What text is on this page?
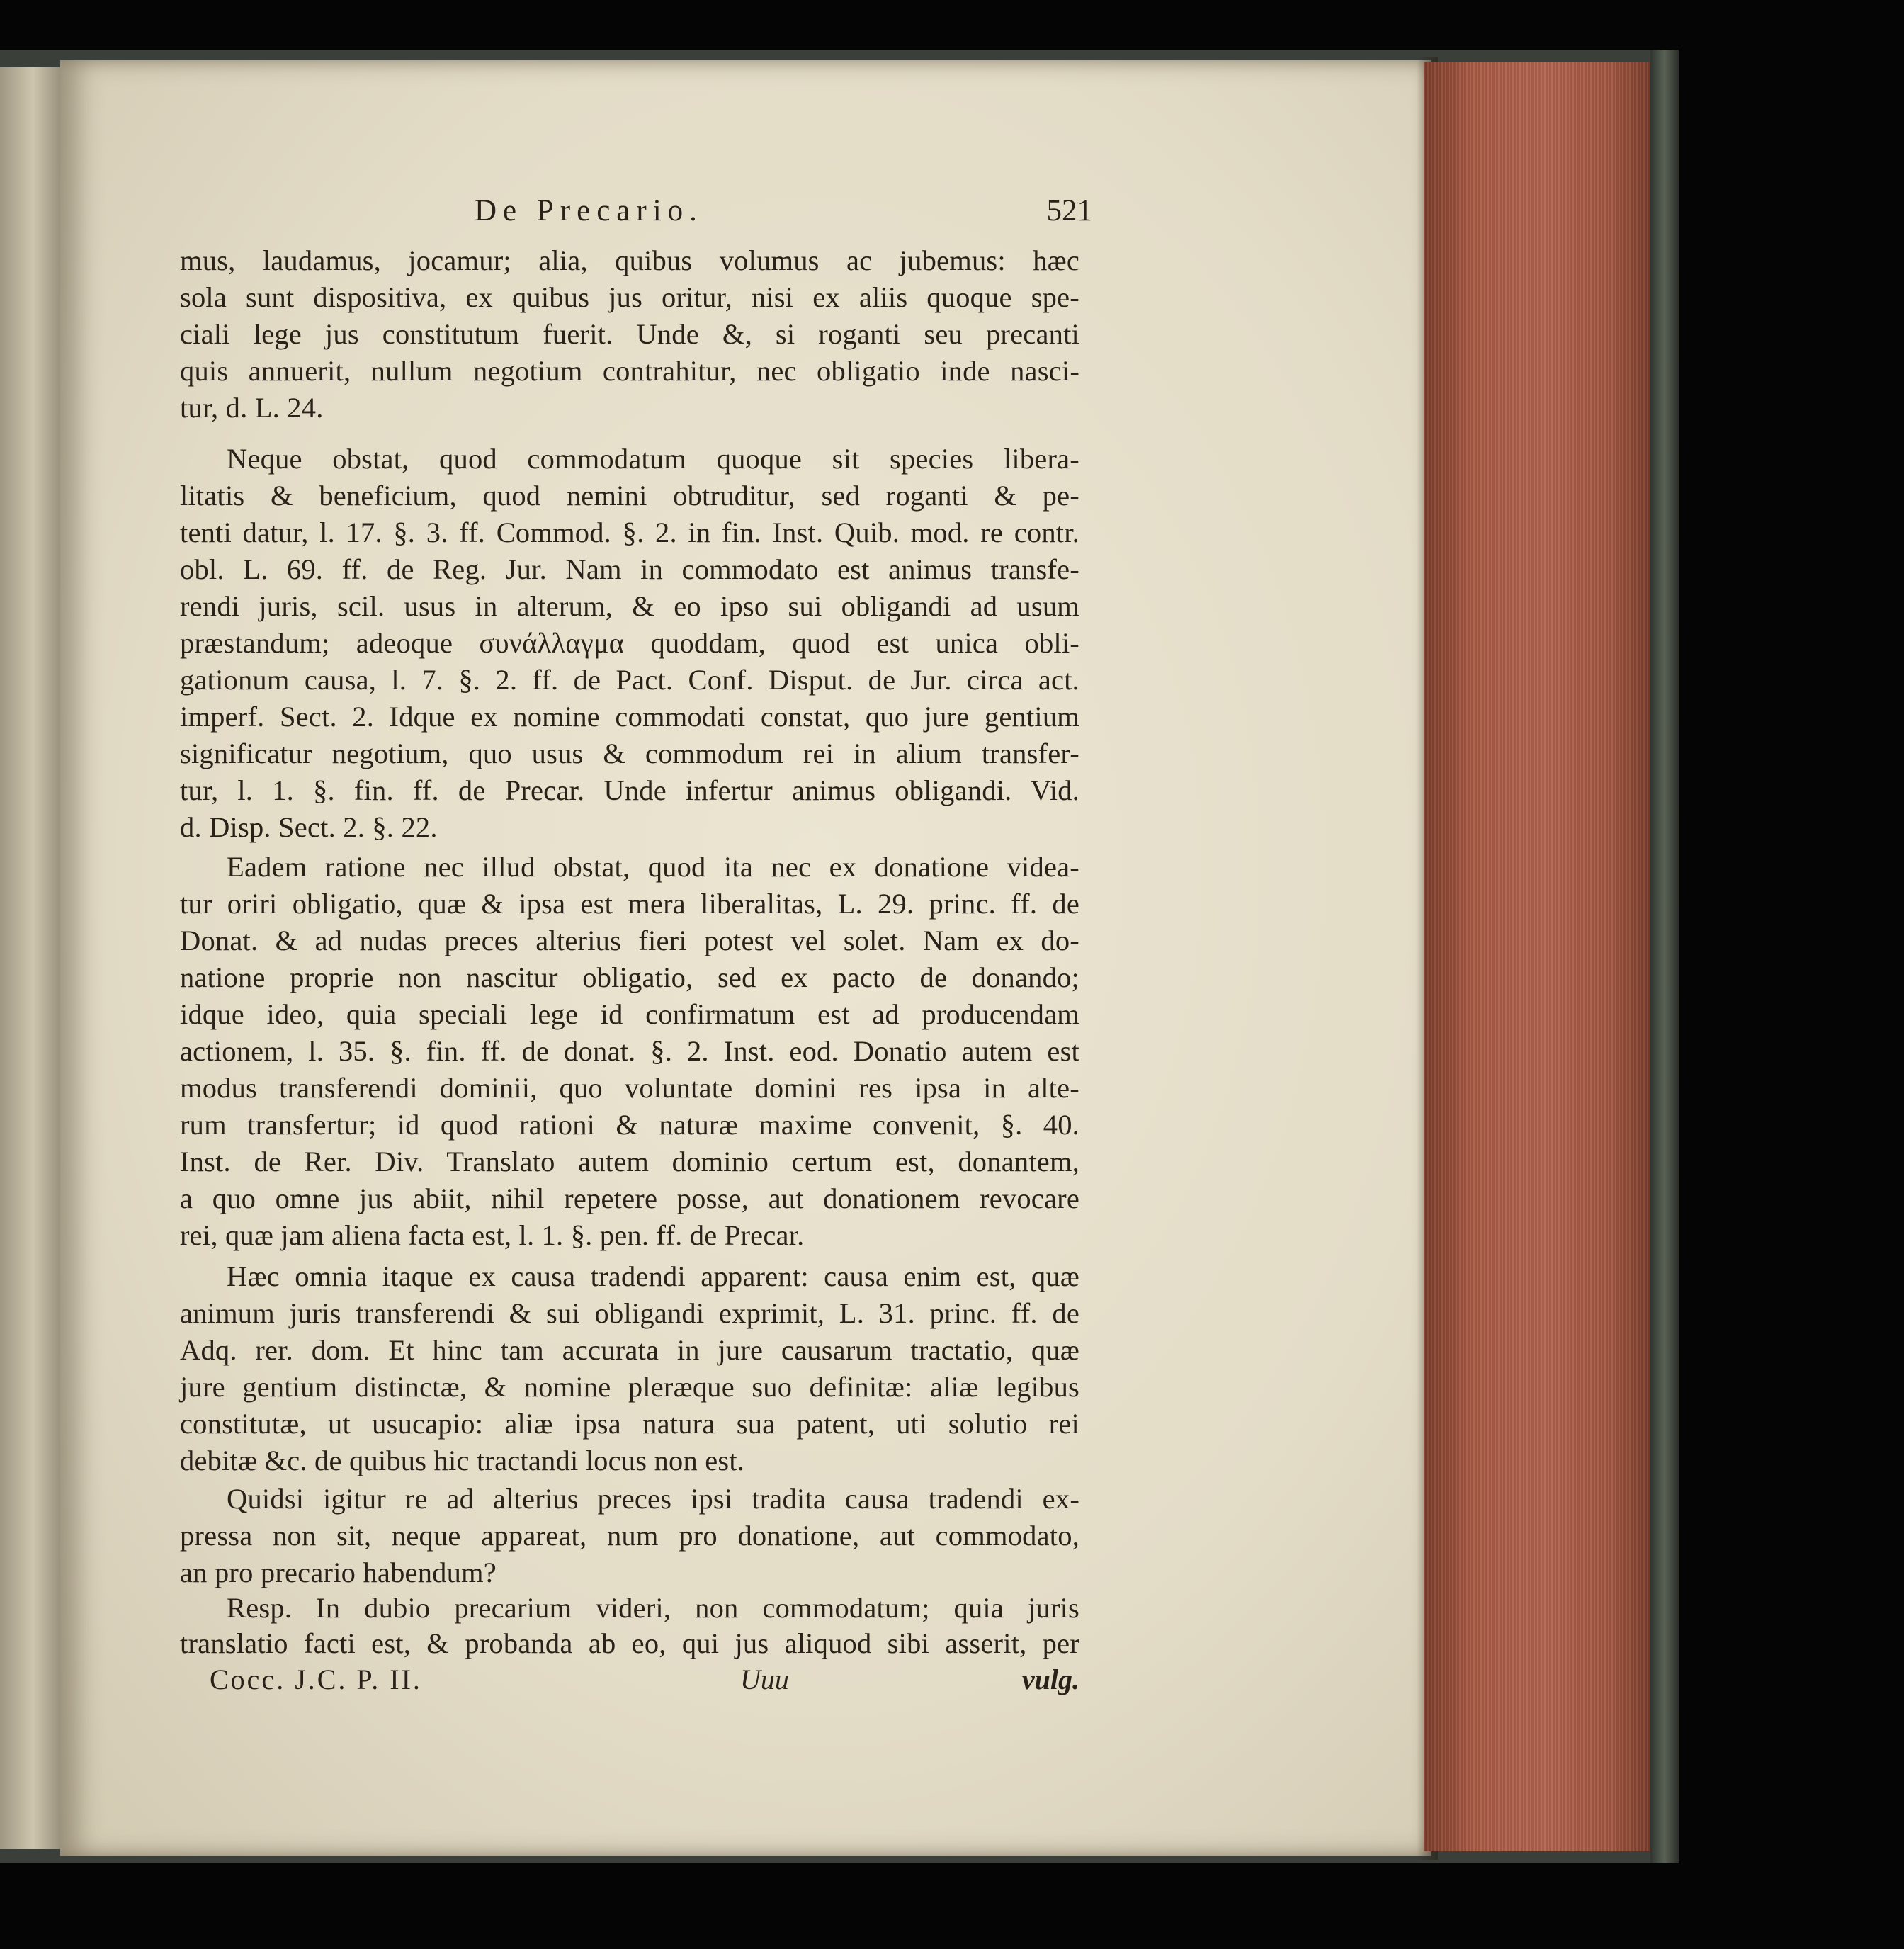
De Precario.	521
mus, laudamus, jocamur; alia, quibus volumus ac jubemus: hæc
sola sunt dispositiva, ex quibus jus oritur, nisi ex aliis quoque spe-
ciali lege jus constitutum fuerit. Unde &, si roganti seu precanti
quis annuerit, nullum negotium contrahitur, nec obligatio inde nasci-
tur, d. L. 24.
Neque obstat, quod commodatum quoque sit species libera-
litatis & beneficium, quod nemini obtruditur, sed roganti & pe-
tenti datur, l. 17. §. 3. ff. Commod. §. 2. in fin. Inst. Quib. mod. re contr.
obl. L. 69. ff. de Reg. Jur. Nam in commodato est animus transfe-
rendi juris, scil. usus in alterum, & eo ipso sui obligandi ad usum
præstandum; adeoque συνάλλαγμα quoddam, quod est unica obli-
gationum causa, l. 7. §. 2. ff. de Pact. Conf. Disput. de Jur. circa act.
imperf. Sect. 2. Idque ex nomine commodati constat, quo jure gentium
significatur negotium, quo usus & commodum rei in alium transfer-
tur, l. 1. §. fin. ff. de Precar. Unde infertur animus obligandi. Vid.
d. Disp. Sect. 2. §. 22.
Eadem ratione nec illud obstat, quod ita nec ex donatione videa-
tur oriri obligatio, quæ & ipsa est mera liberalitas, L. 29. princ. ff. de
Donat. & ad nudas preces alterius fieri potest vel solet. Nam ex do-
natione proprie non nascitur obligatio, sed ex pacto de donando;
idque ideo, quia speciali lege id confirmatum est ad producendam
actionem, l. 35. §. fin. ff. de donat. §. 2. Inst. eod. Donatio autem est
modus transferendi dominii, quo voluntate domini res ipsa in alte-
rum transfertur; id quod rationi & naturæ maxime convenit, §. 40.
Inst. de Rer. Div. Translato autem dominio certum est, donantem,
a quo omne jus abiit, nihil repetere posse, aut donationem revocare
rei, quæ jam aliena facta est, l. 1. §. pen. ff. de Precar.
Hæc omnia itaque ex causa tradendi apparent: causa enim est, quæ
animum juris transferendi & sui obligandi exprimit, L. 31. princ. ff. de
Adq. rer. dom. Et hinc tam accurata in jure causarum tractatio, quæ
jure gentium distinctæ, & nomine pleræque suo definitæ: aliæ legibus
constitutæ, ut usucapio: aliæ ipsa natura sua patent, uti solutio rei
debitæ &c. de quibus hic tractandi locus non est.
Quidsi igitur re ad alterius preces ipsi tradita causa tradendi ex-
pressa non sit, neque appareat, num pro donatione, aut commodato,
an pro precario habendum?
Resp. In dubio precarium videri, non commodatum; quia juris
translatio facti est, & probanda ab eo, qui jus aliquod sibi asserit, per
Cocc. J.C. P. II.	Uuu	vulg.
